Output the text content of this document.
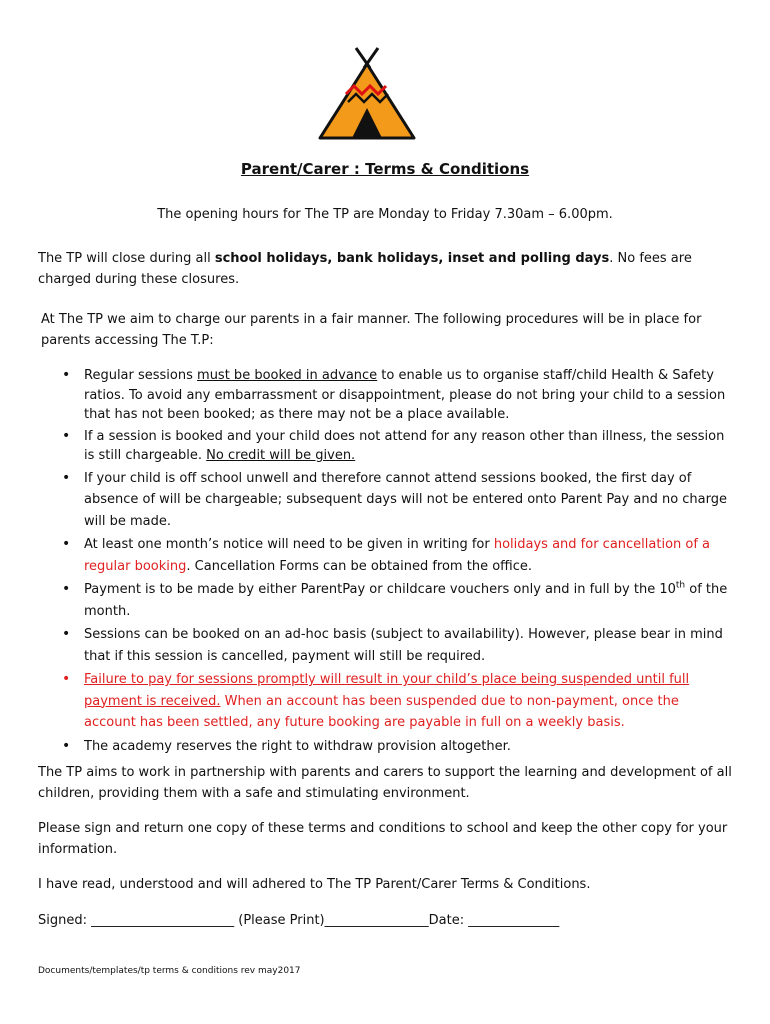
Parent/Carer : Terms & Conditions

The opening hours for The TP are Monday to Friday 7.30am – 6.00pm.

The TP will close during all school holidays, bank holidays, inset and polling days. No fees are charged during these closures.

At The TP we aim to charge our parents in a fair manner. The following procedures will be in place for parents accessing The T.P:

• Regular sessions must be booked in advance to enable us to organise staff/child Health & Safety ratios. To avoid any embarrassment or disappointment, please do not bring your child to a session that has not been booked; as there may not be a place available.
• If a session is booked and your child does not attend for any reason other than illness, the session is still chargeable. No credit will be given.
• If your child is off school unwell and therefore cannot attend sessions booked, the first day of absence of will be chargeable; subsequent days will not be entered onto Parent Pay and no charge will be made.
• At least one month’s notice will need to be given in writing for holidays and for cancellation of a regular booking. Cancellation Forms can be obtained from the office.
• Payment is to be made by either ParentPay or childcare vouchers only and in full by the 10th of the month.
• Sessions can be booked on an ad-hoc basis (subject to availability). However, please bear in mind that if this session is cancelled, payment will still be required.
• Failure to pay for sessions promptly will result in your child’s place being suspended until full payment is received. When an account has been suspended due to non-payment, once the account has been settled, any future booking are payable in full on a weekly basis.
• The academy reserves the right to withdraw provision altogether.

The TP aims to work in partnership with parents and carers to support the learning and development of all children, providing them with a safe and stimulating environment.

Please sign and return one copy of these terms and conditions to school and keep the other copy for your information.

I have read, understood and will adhered to The TP Parent/Carer Terms & Conditions.

Signed: ______________________ (Please Print)________________Date: ______________

Documents/templates/tp terms & conditions rev may2017
